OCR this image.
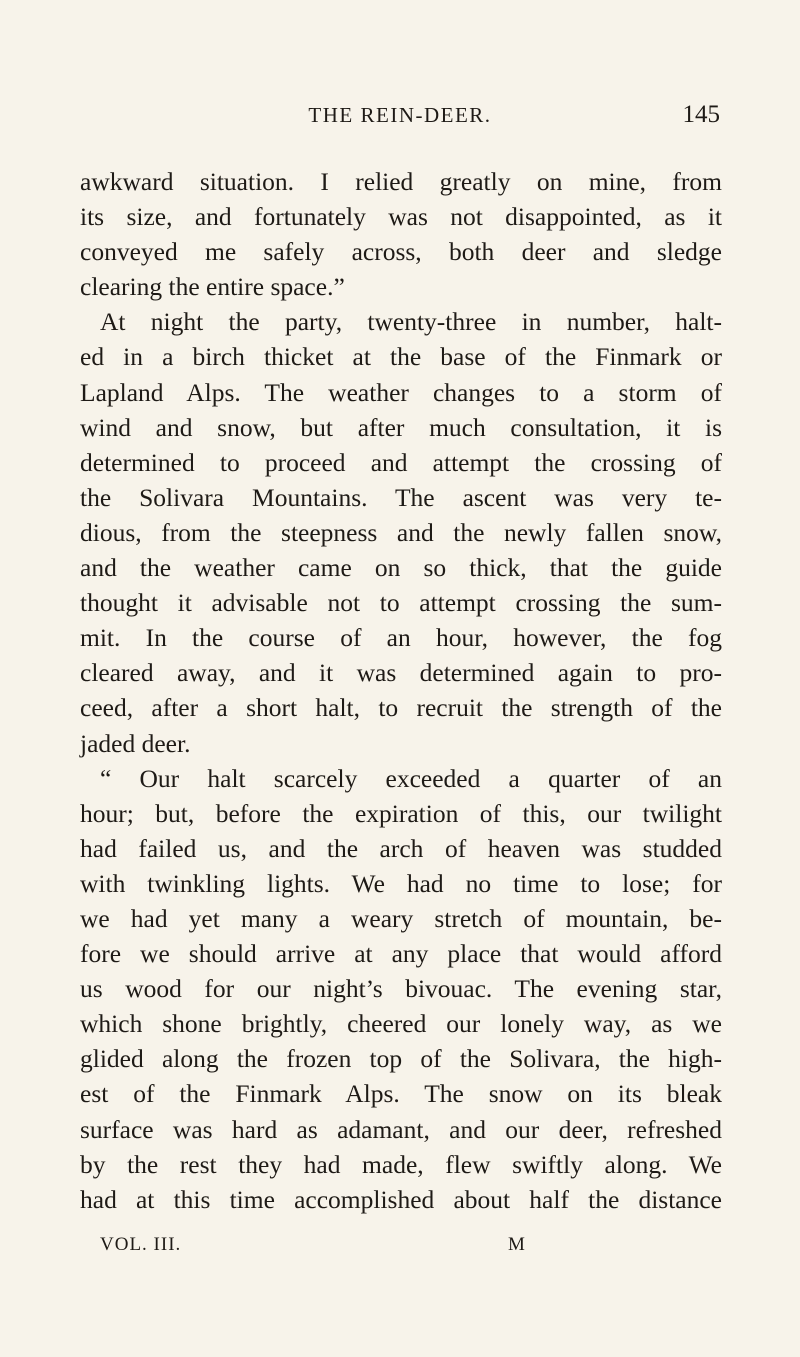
THE REIN-DEER.	145
awkward situation. I relied greatly on mine, from
its size, and fortunately was not disappointed, as it
conveyed me safely across, both deer and sledge
clearing the entire space.”
At night the party, twenty-three in number, halt-
ed in a birch thicket at the base of the Finmark or
Lapland Alps. The weather changes to a storm of
wind and snow, but after much consultation, it is
determined to proceed and attempt the crossing of
the Solivara Mountains. The ascent was very te-
dious, from the steepness and the newly fallen snow,
and the weather came on so thick, that the guide
thought it advisable not to attempt crossing the sum-
mit. In the course of an hour, however, the fog
cleared away, and it was determined again to pro-
ceed, after a short halt, to recruit the strength of the
jaded deer.
“ Our halt scarcely exceeded a quarter of an
hour; but, before the expiration of this, our twilight
had failed us, and the arch of heaven was studded
with twinkling lights. We had no time to lose; for
we had yet many a weary stretch of mountain, be-
fore we should arrive at any place that would afford
us wood for our night’s bivouac. The evening star,
which shone brightly, cheered our lonely way, as we
glided along the frozen top of the Solivara, the high-
est of the Finmark Alps. The snow on its bleak
surface was hard as adamant, and our deer, refreshed
by the rest they had made, flew swiftly along. We
had at this time accomplished about half the distance
VOL. III.	M
